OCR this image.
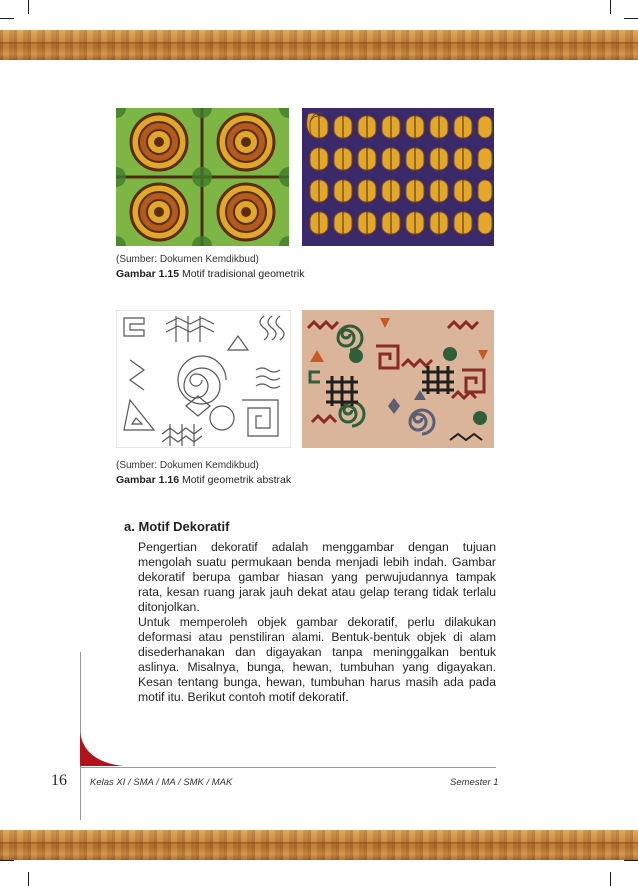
(Sumber: Dokumen Kemdikbud)
Gambar 1.15 Motif tradisional geometrik
(Sumber: Dokumen Kemdikbud)
Gambar 1.16 Motif geometrik abstrak
a. Motif Dekoratif

Pengertian dekoratif adalah menggambar dengan tujuan mengolah suatu permukaan benda menjadi lebih indah. Gambar dekoratif berupa gambar hiasan yang perwujudannya tampak rata, kesan ruang jarak jauh dekat atau gelap terang tidak terlalu ditonjolkan.

Untuk memperoleh objek gambar dekoratif, perlu dilakukan deformasi atau penstiliran alami. Bentuk-bentuk objek di alam disederhanakan dan digayakan tanpa meninggalkan bentuk aslinya. Misalnya, bunga, hewan, tumbuhan yang digayakan. Kesan tentang bunga, hewan, tumbuhan harus masih ada pada motif itu. Berikut contoh motif dekoratif.

16 Kelas XI / SMA / MA / SMK / MAK	Semester 1
